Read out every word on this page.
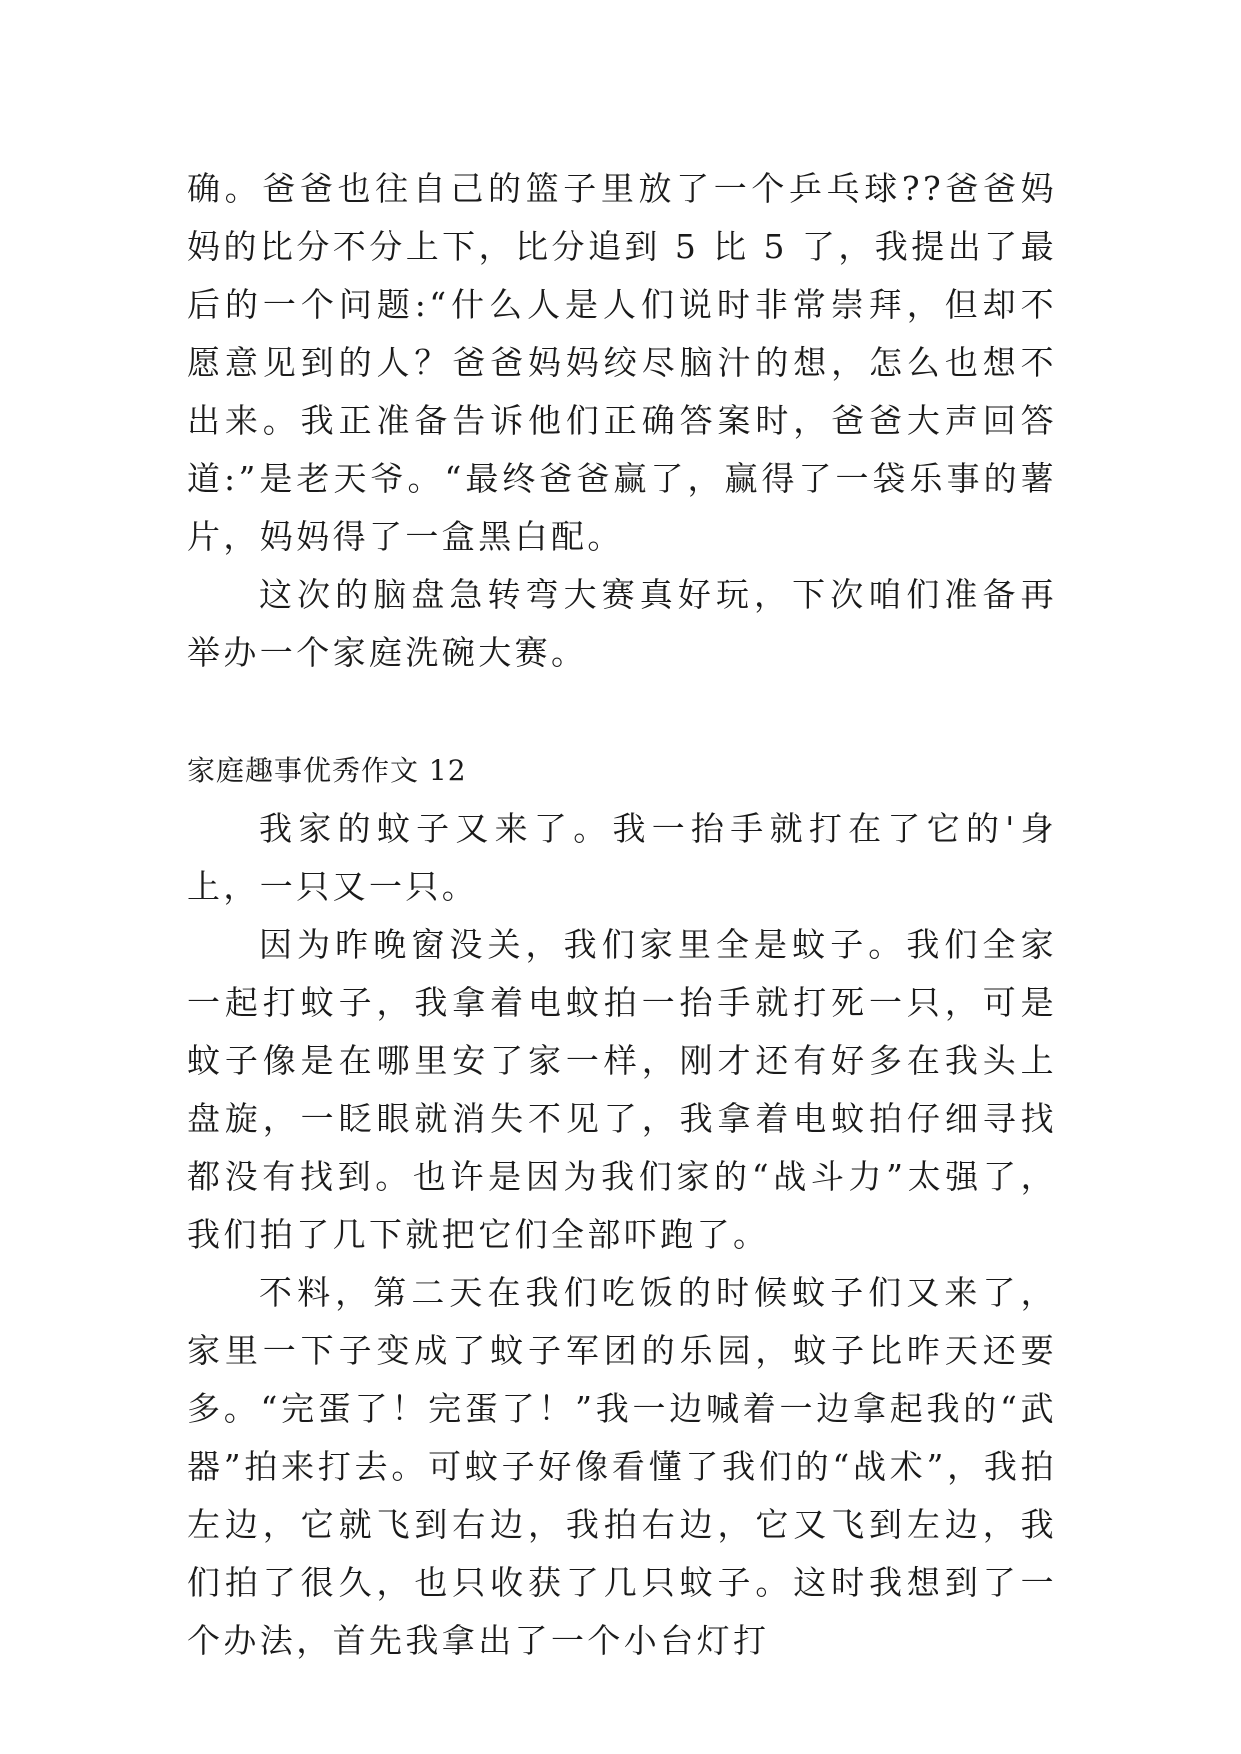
确。爸爸也往自己的篮子里放了一个乒乓球??爸爸妈妈的比分不分上下，比分追到 5 比 5 了，我提出了最后的一个问题:“什么人是人们说时非常崇拜，但却不愿意见到的人？爸爸妈妈绞尽脑汁的想，怎么也想不出来。我正准备告诉他们正确答案时，爸爸大声回答道:”是老天爷。“最终爸爸赢了，赢得了一袋乐事的薯片，妈妈得了一盒黑白配。

这次的脑盘急转弯大赛真好玩，下次咱们准备再举办一个家庭洗碗大赛。

家庭趣事优秀作文 12

我家的蚊子又来了。我一抬手就打在了它的'身上，一只又一只。

因为昨晚窗没关，我们家里全是蚊子。我们全家一起打蚊子，我拿着电蚊拍一抬手就打死一只，可是蚊子像是在哪里安了家一样，刚才还有好多在我头上盘旋，一眨眼就消失不见了，我拿着电蚊拍仔细寻找都没有找到。也许是因为我们家的“战斗力”太强了，我们拍了几下就把它们全部吓跑了。

不料，第二天在我们吃饭的时候蚊子们又来了，家里一下子变成了蚊子军团的乐园，蚊子比昨天还要多。“完蛋了！完蛋了！”我一边喊着一边拿起我的“武器”拍来打去。可蚊子好像看懂了我们的“战术”，我拍左边，它就飞到右边，我拍右边，它又飞到左边，我们拍了很久，也只收获了几只蚊子。这时我想到了一个办法，首先我拿出了一个小台灯打
